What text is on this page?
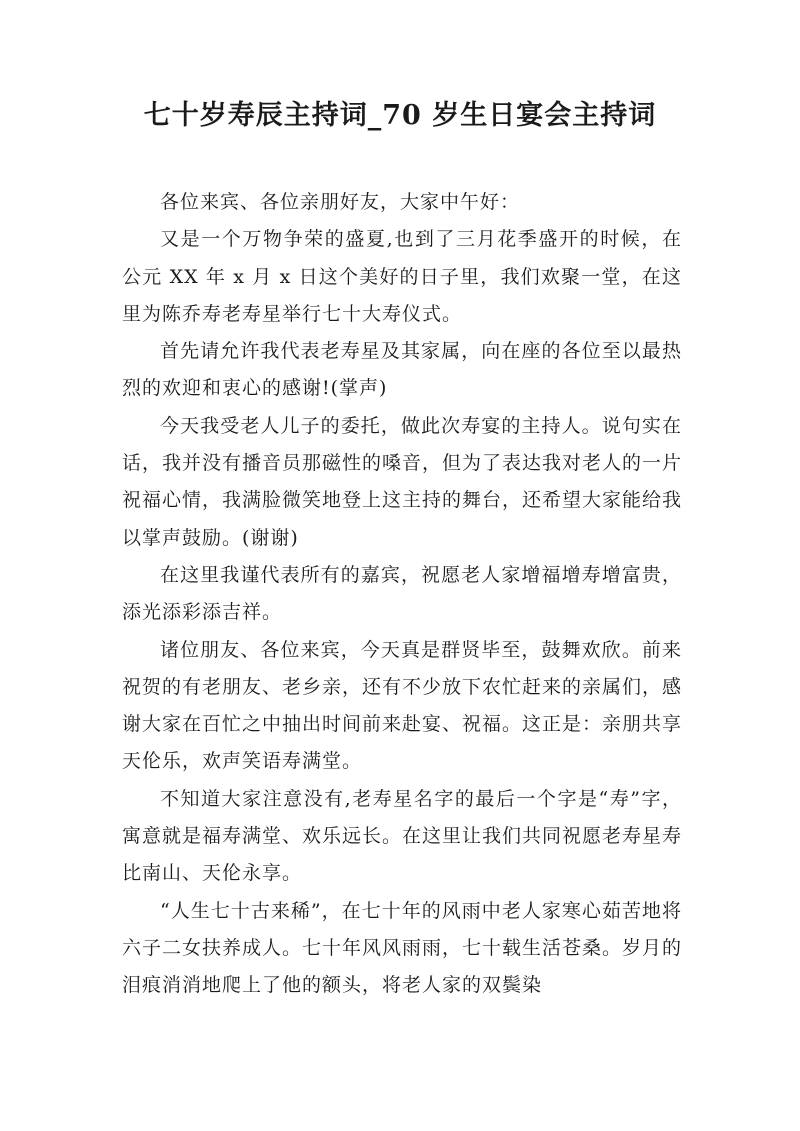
七十岁寿辰主持词_70 岁生日宴会主持词

各位来宾、各位亲朋好友，大家中午好：

又是一个万物争荣的盛夏,也到了三月花季盛开的时候，在公元 XX 年 x 月 x 日这个美好的日子里，我们欢聚一堂，在这里为陈乔寿老寿星举行七十大寿仪式。

首先请允许我代表老寿星及其家属，向在座的各位至以最热烈的欢迎和衷心的感谢!(掌声)

今天我受老人儿子的委托，做此次寿宴的主持人。说句实在话，我并没有播音员那磁性的嗓音，但为了表达我对老人的一片祝福心情，我满脸微笑地登上这主持的舞台，还希望大家能给我以掌声鼓励。(谢谢)

在这里我谨代表所有的嘉宾，祝愿老人家增福增寿增富贵，添光添彩添吉祥。

诸位朋友、各位来宾，今天真是群贤毕至，鼓舞欢欣。前来祝贺的有老朋友、老乡亲，还有不少放下农忙赶来的亲属们，感谢大家在百忙之中抽出时间前来赴宴、祝福。这正是：亲朋共享天伦乐，欢声笑语寿满堂。

不知道大家注意没有,老寿星名字的最后一个字是“寿”字，寓意就是福寿满堂、欢乐远长。在这里让我们共同祝愿老寿星寿比南山、天伦永享。

“人生七十古来稀”，在七十年的风雨中老人家寒心茹苦地将六子二女扶养成人。七十年风风雨雨，七十载生活苍桑。岁月的泪痕消消地爬上了他的额头，将老人家的双鬓染
